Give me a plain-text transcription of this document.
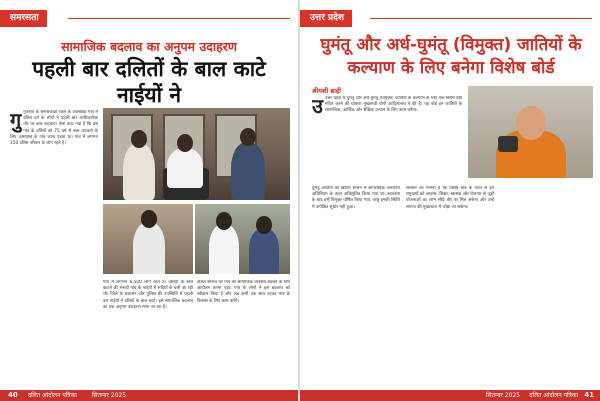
समरसता
सामाजिक बदलाव का अनुपम उदाहरण
पहली बार दलितों के बाल काटे नाईयों ने
गुगुजरात के बनासकांठा जिले के आलवाड़ा गांव में दलित वर्ग के लोगों ने पहली बार आधिकारिक तौर पर बाल कटवाए। ऐसा कहा गया है कि इस गांव के दलितों को 75 वर्ष से बाल कटवाने के लिए आसपास के गांव जाना पड़ता था। गांव में लगभग 150 दलित परिवार के लोग रहते हैं।
गांव में लगभग 6,500 लोग रहते हैं। दलितों के बाल काटने की मनाही गांव के नाईयों में सदियों से चली आ रही थी। जिले के प्रशासन और पुलिस की उपस्थिति में पहली बार नाईयों ने दलितों के बाल काटे। इसे सामाजिक बदलाव का एक अनुपम उदाहरण माना जा रहा है।
दलित समाज को गांव की सामाजिक व्यवस्था बदलने के लिए आंदोलन करना पड़ा। गांव के लोगों ने इस बदलाव को स्वीकार किया है और अब सभी एक साथ रहकर गांव के विकास के लिए काम करेंगे।
40 दलित आंदोलन पत्रिका	सितम्बर 2025
उत्तर प्रदेश
घुमंतू और अर्ध-घुमंतू (विमुक्त) जातियों के कल्याण के लिए बनेगा विशेष बोर्ड
श्रीयशी ब्राही
उउत्तर प्रदेश में घुमंतू और अर्ध-घुमंतू (विमुक्त) जातियों के कल्याण के लिए एक विशेष बोर्ड गठित करने की घोषणा मुख्यमंत्री योगी आदित्यनाथ ने की है। यह बोर्ड इन जातियों के सामाजिक, आर्थिक और शैक्षिक उत्थान के लिए काम करेगा।
घुमंतू जातियों को ब्रिटिश शासन में आपराधिक जनजाति अधिनियम के तहत अधिसूचित किया गया था। स्वतंत्रता के बाद इन्हें विमुक्त घोषित किया गया, परंतु इनकी स्थिति में अपेक्षित सुधार नहीं हुआ।
सरकार का मानना है कि विशेष बोर्ड के गठन से इन समुदायों को आवास, शिक्षा, स्वास्थ्य और रोजगार से जुड़ी योजनाओं का लाभ सीधे तौर पर मिल सकेगा और उन्हें समाज की मुख्यधारा में जोड़ा जा सकेगा।
सितम्बर 2025 दलित आंदोलन पत्रिका 41
